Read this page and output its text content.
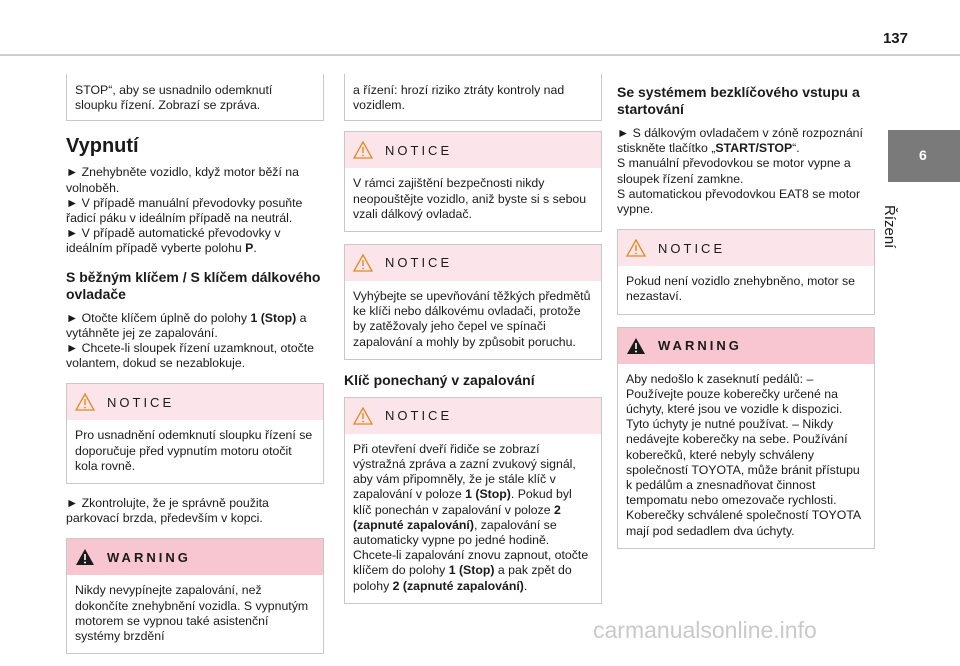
137
6
Řízení

STOP“, aby se usnadnilo odemknutí sloupku řízení. Zobrazí se zpráva.

Vypnutí

► Znehybněte vozidlo, když motor běží na volnoběh.

► V případě manuální převodovky posuňte řadicí páku v ideálním případě na neutrál.

► V případě automatické převodovky v ideálním případě vyberte polohu P.

S běžným klíčem / S klíčem dálkového ovladače

► Otočte klíčem úplně do polohy 1 (Stop) a vytáhněte jej ze zapalování.

► Chcete-li sloupek řízení uzamknout, otočte volantem, dokud se nezablokuje.

NOTICE
Pro usnadnění odemknutí sloupku řízení se doporučuje před vypnutím motoru otočit kola rovně.

► Zkontrolujte, že je správně použita parkovací brzda, především v kopci.

WARNING
Nikdy nevypínejte zapalování, než dokončíte znehybnění vozidla. S vypnutým motorem se vypnou také asistenční systémy brzdění

a řízení: hrozí riziko ztráty kontroly nad vozidlem.

NOTICE
V rámci zajištění bezpečnosti nikdy neopouštějte vozidlo, aniž byste si s sebou vzali dálkový ovladač.
NOTICE
Vyhýbejte se upevňování těžkých předmětů ke klíči nebo dálkovému ovladači, protože by zatěžovaly jeho čepel ve spínači zapalování a mohly by způsobit poruchu.
Klíč ponechaný v zapalování
NOTICE
Při otevření dveří řidiče se zobrazí výstražná zpráva a zazní zvukový signál, aby vám připomněly, že je stále klíč v zapalování v poloze 1 (Stop). Pokud byl klíč ponechán v zapalování v poloze 2 (zapnuté zapalování), zapalování se automaticky vypne po jedné hodině. Chcete-li zapalování znovu zapnout, otočte klíčem do polohy 1 (Stop) a pak zpět do polohy 2 (zapnuté zapalování).
Se systémem bezklíčového vstupu a startování

► S dálkovým ovladačem v zóně rozpoznání stiskněte tlačítko „START/STOP“.

S manuální převodovkou se motor vypne a sloupek řízení zamkne.

S automatickou převodovkou EAT8 se motor vypne.

NOTICE
Pokud není vozidlo znehybněno, motor se nezastaví.
WARNING
Aby nedošlo k zaseknutí pedálů: – Používejte pouze koberečky určené na úchyty, které jsou ve vozidle k dispozici. Tyto úchyty je nutné používat. – Nikdy nedávejte koberečky na sebe. Používání koberečků, které nebyly schváleny společností TOYOTA, může bránit přístupu k pedálům a znesnadňovat činnost tempomatu nebo omezovače rychlosti. Koberečky schválené společností TOYOTA mají pod sedadlem dva úchyty.
carmanualsonline.info
